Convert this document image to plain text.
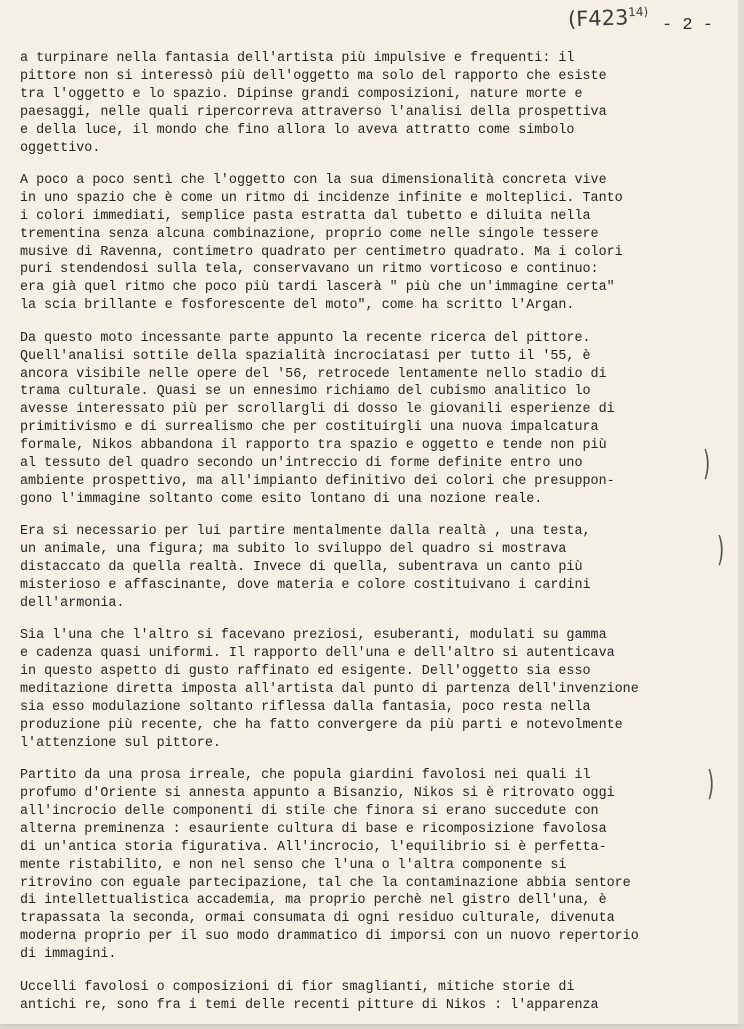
(F423$^{14)}$
- 2 -
a turpinare nella fantasia dell'artista più impulsive e frequenti: il
pittore non si interessò più dell'oggetto ma solo del rapporto che esiste
tra l'oggetto e lo spazio. Dipinse grandi composizioni, nature morte e
paesaggi, nelle quali ripercorreva attraverso l'analisi della prospettiva
e della luce, il mondo che fino allora lo aveva attratto come simbolo
oggettivo.
A poco a poco sentì che l'oggetto con la sua dimensionalità concreta vive
in uno spazio che è come un ritmo di incidenze infinite e molteplici. Tanto
i colori immediati, semplice pasta estratta dal tubetto e diluita nella
trementina senza alcuna combinazione, proprio come nelle singole tessere
musive di Ravenna, contimetro quadrato per centimetro quadrato. Ma i colori
puri stendendosi sulla tela, conservavano un ritmo vorticoso e continuo:
era già quel ritmo che poco più tardi lascerà " più che un'immagine certa"
la scia brillante e fosforescente del moto", come ha scritto l'Argan.
Da questo moto incessante parte appunto la recente ricerca del pittore.
Quell'analisi sottile della spazialità incrociatasi per tutto il '55, è
ancora visibile nelle opere del '56, retrocede lentamente nello stadio di
trama culturale. Quasi se un ennesimo richiamo del cubismo analitico lo
avesse interessato più per scrollargli di dosso le giovanili esperienze di
primitivismo e di surrealismo che per costituirgli una nuova impalcatura
formale, Nikos abbandona il rapporto tra spazio e oggetto e tende non più
al tessuto del quadro secondo un'intreccio di forme definite entro uno
ambiente prospettivo, ma all'impianto definitivo dei colori che presuppon-
gono l'immagine soltanto come esito lontano di una nozione reale.
Era si necessario per lui partire mentalmente dalla realtà , una testa,
un animale, una figura; ma subito lo sviluppo del quadro si mostrava
distaccato da quella realtà. Invece di quella, subentrava un canto più
misterioso e affascinante, dove materia e colore costituivano i cardini
dell'armonia.
Sia l'una che l'altro si facevano preziosi, esuberanti, modulati su gamma
e cadenza quasi uniformi. Il rapporto dell'una e dell'altro si autenticava
in questo aspetto di gusto raffinato ed esigente. Dell'oggetto sia esso
meditazione diretta imposta all'artista dal punto di partenza dell'invenzione
sia esso modulazione soltanto riflessa dalla fantasia, poco resta nella
produzione più recente, che ha fatto convergere da più parti e notevolmente
l'attenzione sul pittore.
Partito da una prosa irreale, che popula giardini favolosi nei quali il
profumo d'Oriente si annesta appunto a Bisanzio, Nikos si è ritrovato oggi
all'incrocio delle componenti di stile che finora si erano succedute con
alterna preminenza : esauriente cultura di base e ricomposizione favolosa
di un'antica storia figurativa. All'incrocio, l'equilibrio si è perfetta-
mente ristabilito, e non nel senso che l'una o l'altra componente si
ritrovino con eguale partecipazione, tal che la contaminazione abbia sentore
di intellettualistica accademia, ma proprio perchè nel gistro dell'una, è
trapassata la seconda, ormai consumata di ogni residuo culturale, divenuta
moderna proprio per il suo modo drammatico di imporsi con un nuovo repertorio
di immagini.
Uccelli favolosi o composizioni di fior smaglianti, mitiche storie di
antichi re, sono fra i temi delle recenti pitture di Nikos : l'apparenza
)
)
)
